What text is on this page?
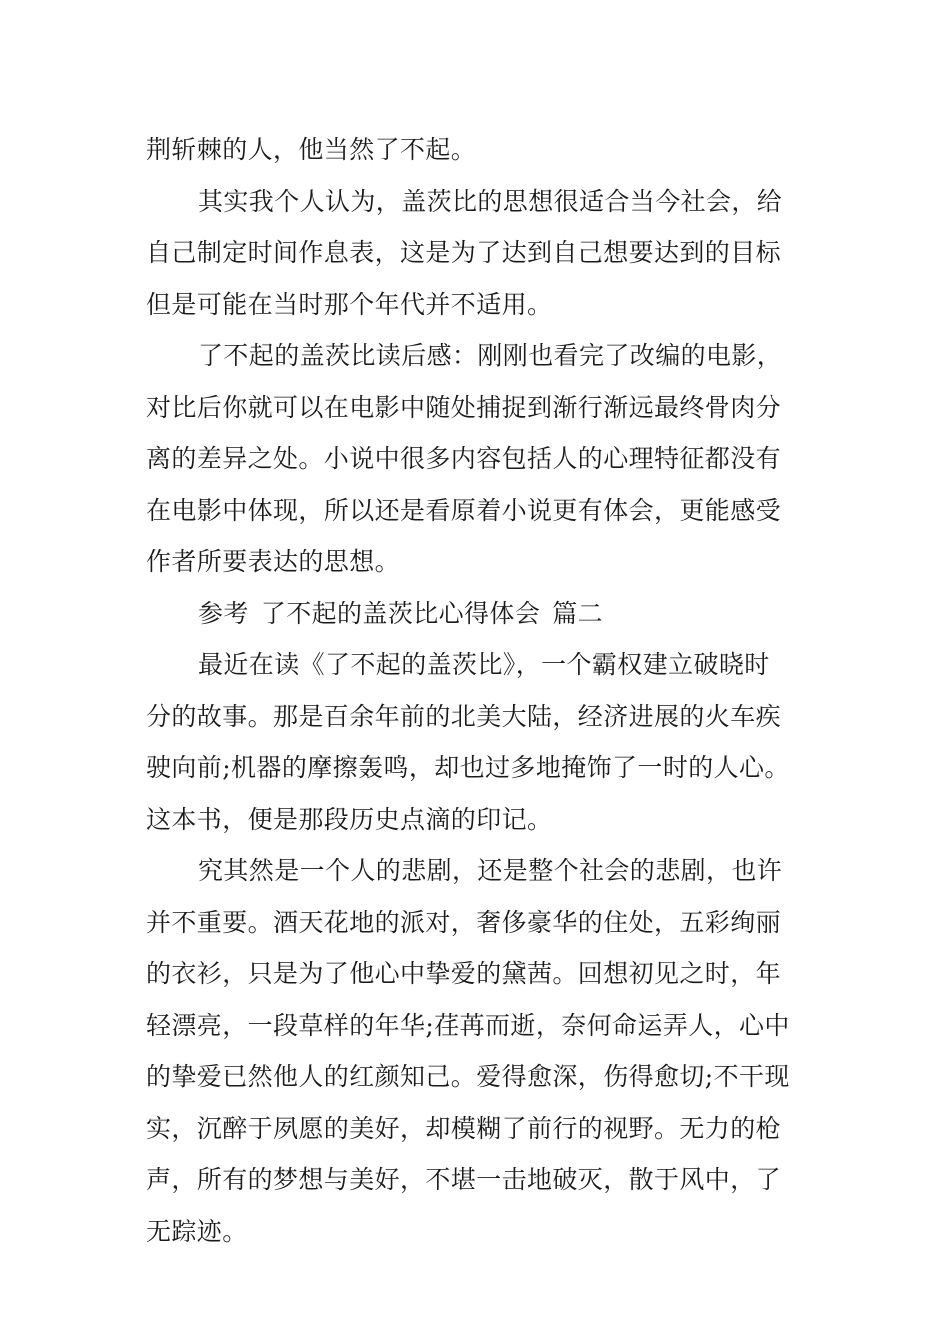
荆斩棘的人，他当然了不起。

其实我个人认为，盖茨比的思想很适合当今社会，给
自己制定时间作息表，这是为了达到自己想要达到的目标
但是可能在当时那个年代并不适用。

了不起的盖茨比读后感：刚刚也看完了改编的电影，
对比后你就可以在电影中随处捕捉到渐行渐远最终骨肉分
离的差异之处。小说中很多内容包括人的心理特征都没有
在电影中体现，所以还是看原着小说更有体会，更能感受
作者所要表达的思想。

参考 了不起的盖茨比心得体会 篇二

最近在读《了不起的盖茨比》，一个霸权建立破晓时
分的故事。那是百余年前的北美大陆，经济进展的火车疾
驶向前;机器的摩擦轰鸣，却也过多地掩饰了一时的人心。
这本书，便是那段历史点滴的印记。

究其然是一个人的悲剧，还是整个社会的悲剧，也许
并不重要。酒天花地的派对，奢侈豪华的住处，五彩绚丽
的衣衫，只是为了他心中挚爱的黛茜。回想初见之时，年
轻漂亮，一段草样的年华;荏苒而逝，奈何命运弄人，心中
的挚爱已然他人的红颜知己。爱得愈深，伤得愈切;不干现
实，沉醉于夙愿的美好，却模糊了前行的视野。无力的枪
声，所有的梦想与美好，不堪一击地破灭，散于风中，了
无踪迹。
